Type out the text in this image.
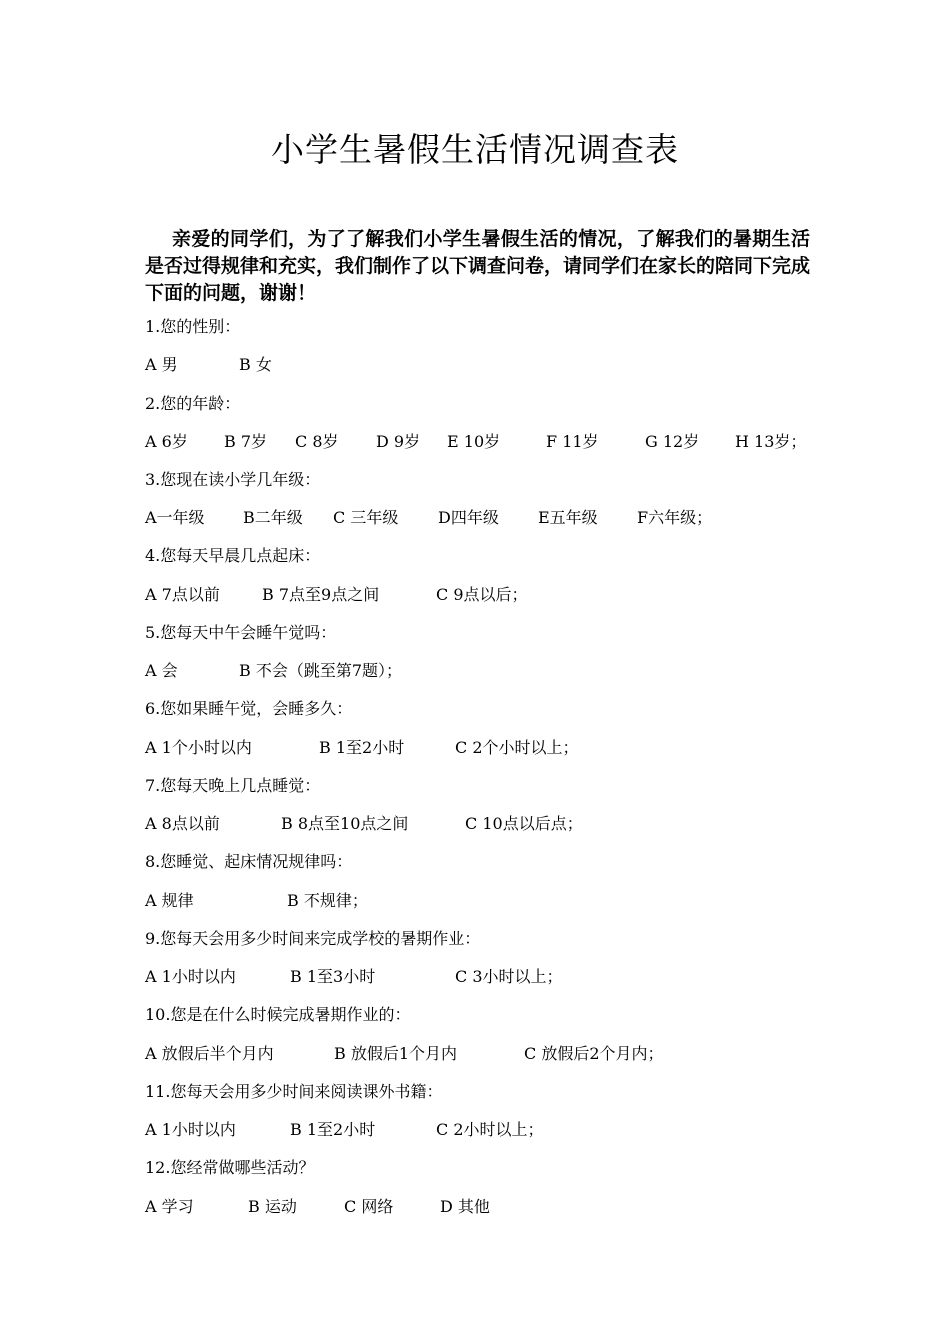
小学生暑假生活情况调查表

亲爱的同学们，为了了解我们小学生暑假生活的情况，了解我们的暑期生活是否过得规律和充实，我们制作了以下调查问卷，请同学们在家长的陪同下完成下面的问题，谢谢！

1.您的性别：
A 男	B 女
2.您的年龄：
A 6岁 B 7岁 C 8岁 D 9岁 E 10岁	F 11岁	G 12岁 H 13岁；
3.您现在读小学几年级：
A一年级 B二年级 C 三年级 D四年级 E五年级 F六年级；
4.您每天早晨几点起床：
A 7点以前	B 7点至9点之间	C 9点以后；
5.您每天中午会睡午觉吗：
A 会	B 不会（跳至第7题）；
6.您如果睡午觉，会睡多久：
A 1个小时以内	B 1至2小时	C 2个小时以上；
7.您每天晚上几点睡觉：
A 8点以前	B 8点至10点之间	C 10点以后点；
8.您睡觉、起床情况规律吗：
A 规律	B 不规律；
9.您每天会用多少时间来完成学校的暑期作业：
A 1小时以内	B 1至3小时	C 3小时以上；
10.您是在什么时候完成暑期作业的：
A 放假后半个月内	B 放假后1个月内	C 放假后2个月内；
11.您每天会用多少时间来阅读课外书籍：
A 1小时以内	B 1至2小时	C 2小时以上；
12.您经常做哪些活动？
A 学习	B 运动	C 网络	D 其他
